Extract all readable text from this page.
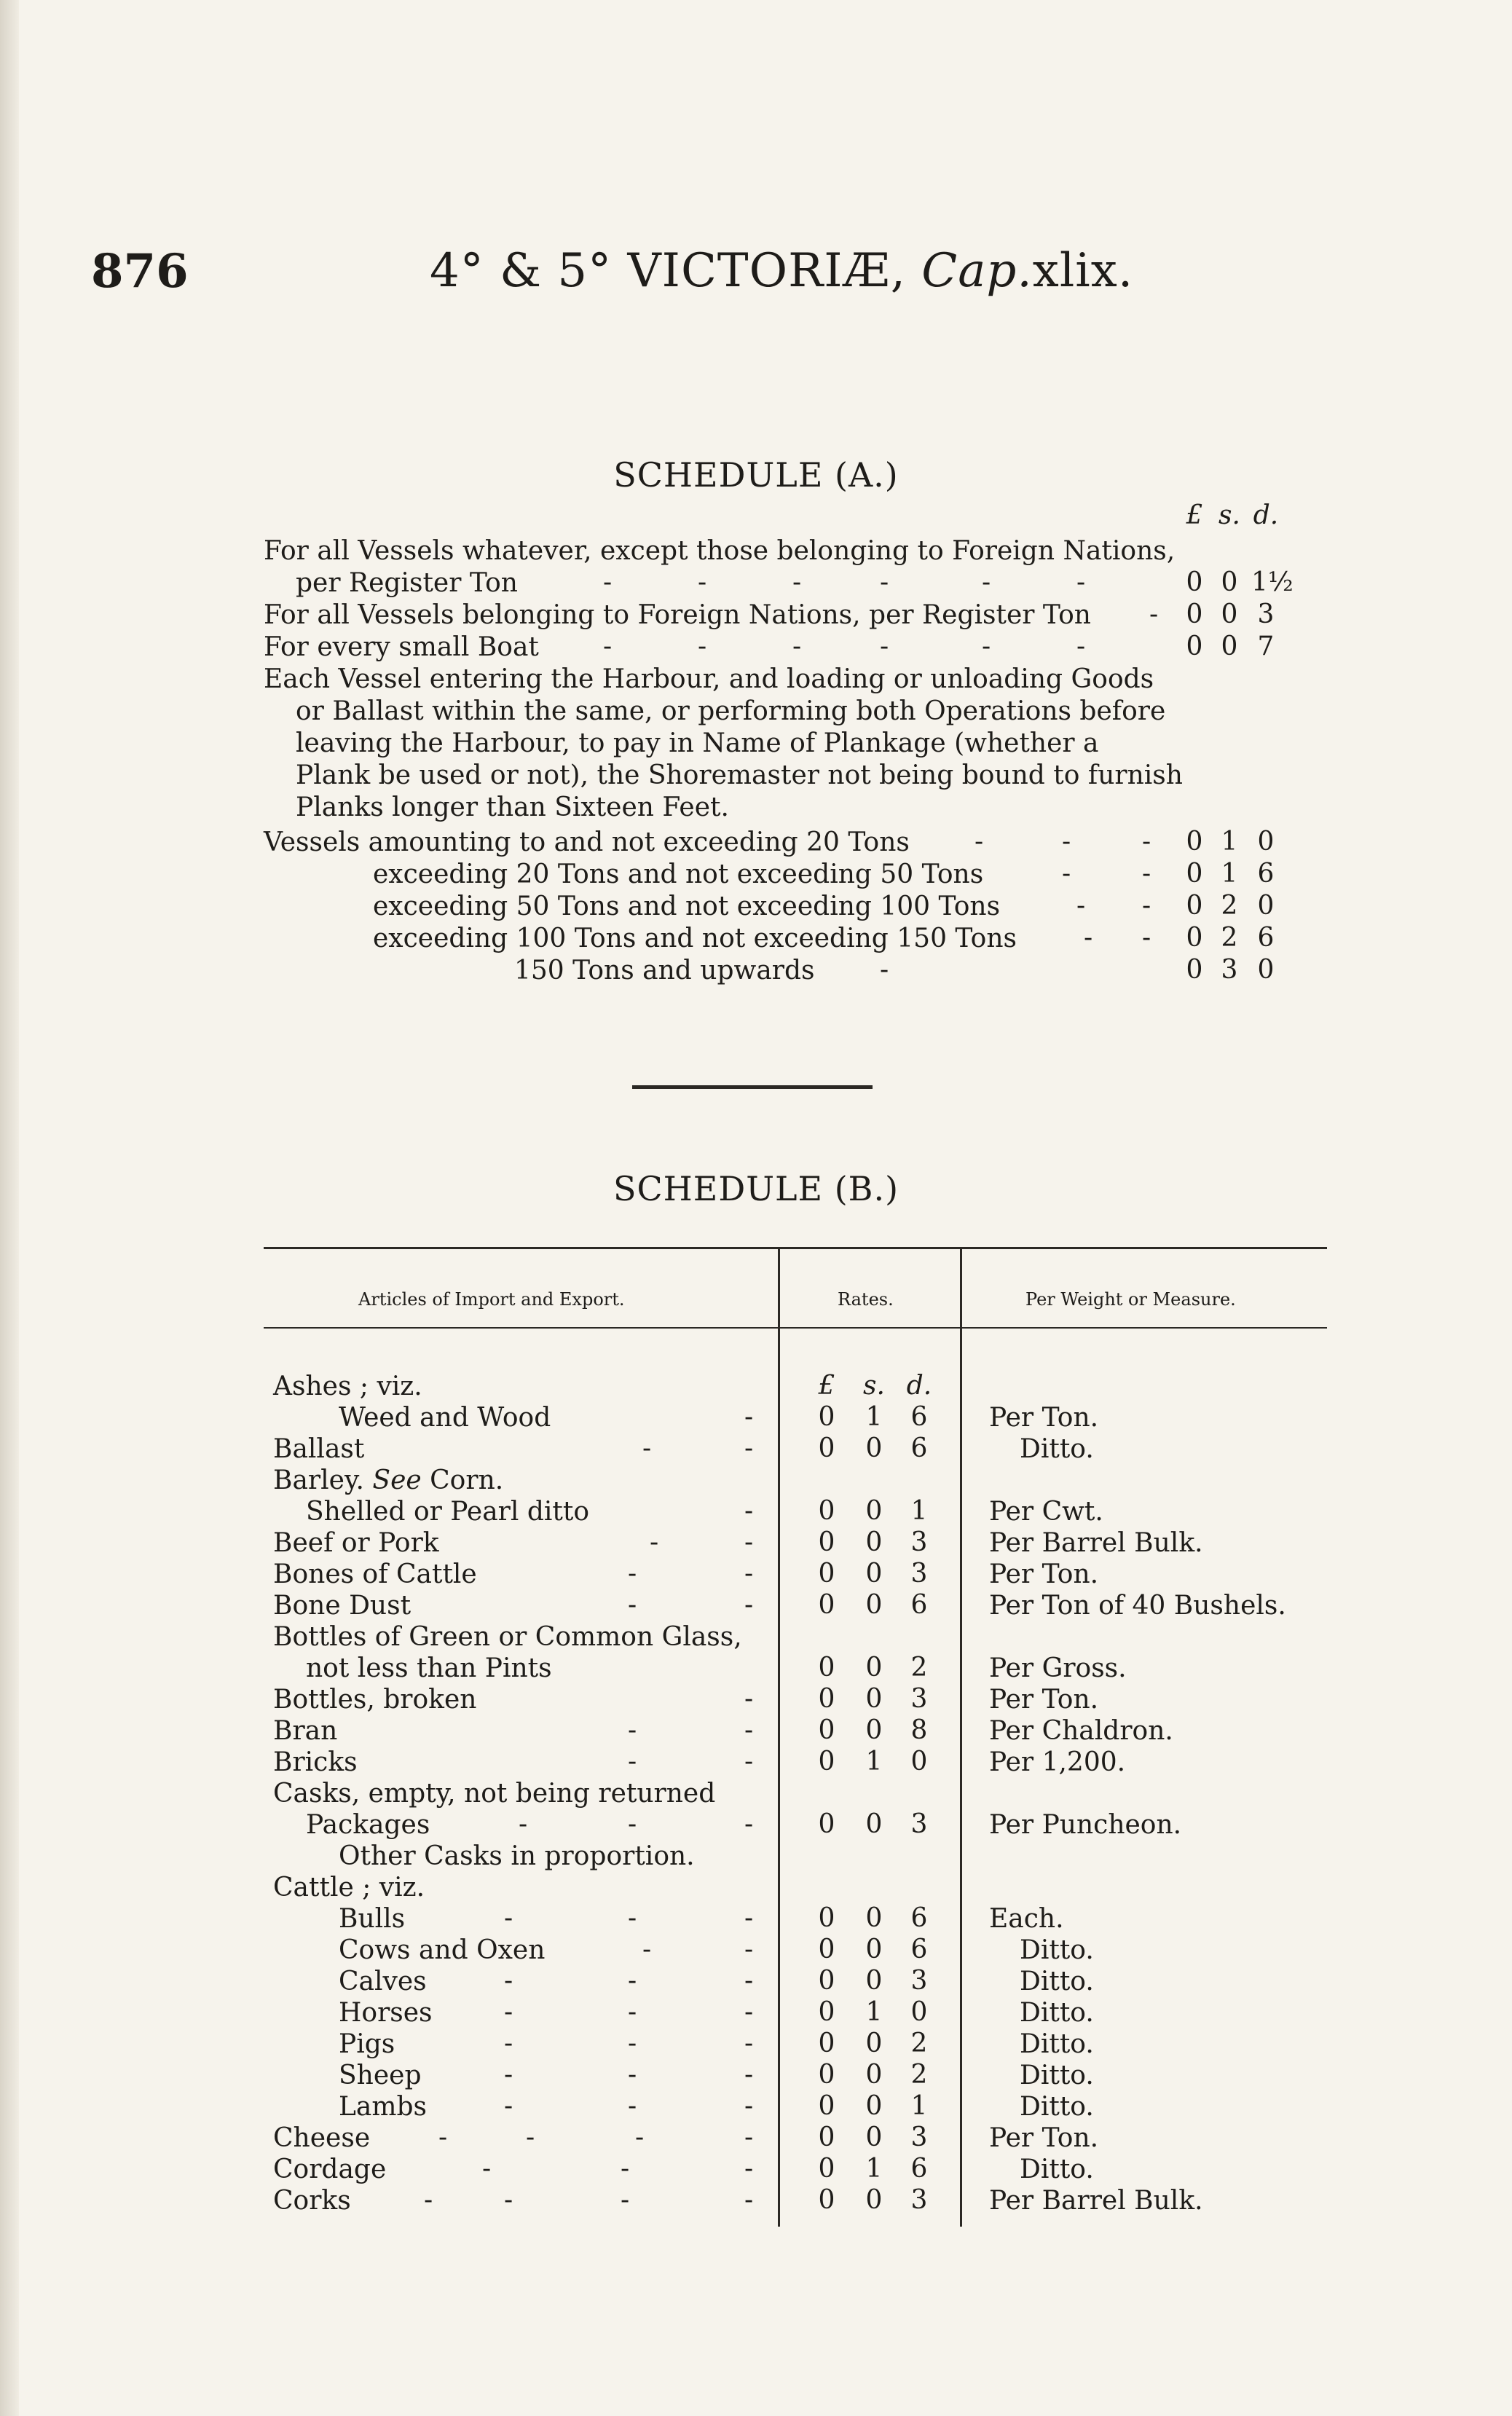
876	4° & 5° VICTORIÆ, Cap.xlix.
SCHEDULE (A.)
£ s. d.
For all Vessels whatever, except those belonging to Foreign Nations,
per Register Ton	-	-	-	-	-	-	0 0 1½
For all Vessels belonging to Foreign Nations, per Register Ton - 0 0 3
For every small Boat -	-	-	-	-	-	0 0 7
Each Vessel entering the Harbour, and loading or unloading Goods
or Ballast within the same, or performing both Operations before
leaving the Harbour, to pay in Name of Plankage (whether a
Plank be used or not), the Shoremaster not being bound to furnish
Planks longer than Sixteen Feet.
Vessels amounting to and not exceeding 20 Tons -	-	- 0 1 0
exceeding 20 Tons and not exceeding 50 Tons	-	- 0 1 6
exceeding 50 Tons and not exceeding 100 Tons	- - 0 2 0
exceeding 100 Tons and not exceeding 150 Tons	- - 0 2 6
150 Tons and upwards -	0 3 0
SCHEDULE (B.)
Articles of Import and Export.	Rates.	Per Weight or Measure.
£ s. d.
Ashes ; viz.
Weed and Wood	- 0 1 6 Per Ton.
Ballast	-	- 0 0 6	Ditto.
Barley. See Corn.
Shelled or Pearl ditto	- 0 0 1 Per Cwt.
Beef or Pork	-	- 0 0 3 Per Barrel Bulk.
Bones of Cattle	-	- 0 0 3 Per Ton.
Bone Dust	-	- 0 0 6 Per Ton of 40 Bushels.
Bottles of Green or Common Glass,
not less than Pints	0 0 2 Per Gross.
Bottles, broken	- 0 0 3 Per Ton.
Bran	-	- 0 0 8 Per Chaldron.
Bricks	-	- 0 1 0 Per 1,200.
Casks, empty, not being returned
Packages	-	-	- 0 0 3 Per Puncheon.
Other Casks in proportion.
Cattle ; viz.
Bulls	-	-	- 0 0 6 Each.
Cows and Oxen	-	- 0 0 6	Ditto.
Calves	-	-	- 0 0 3	Ditto.
Horses	-	-	- 0 1 0	Ditto.
Pigs	-	-	- 0 0 2	Ditto.
Sheep	-	-	- 0 0 2	Ditto.
Lambs	-	-	- 0 0 1	Ditto.
Cheese	-	-	-	- 0 0 3 Per Ton.
Cordage	-	-	- 0 1 6	Ditto.
Corks	-	-	-	- 0 0 3 Per Barrel Bulk.
